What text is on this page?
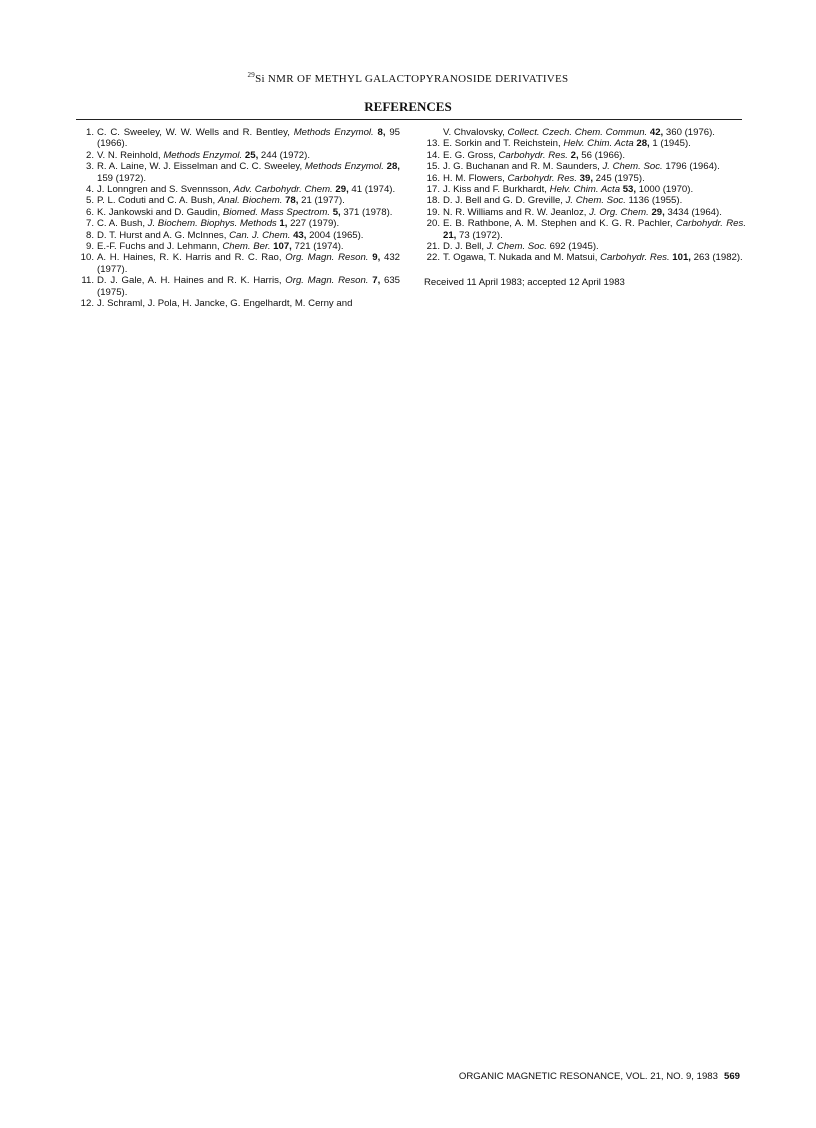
$^{29}$Si NMR OF METHYL GALACTOPYRANOSIDE DERIVATIVES
REFERENCES
1. C. C. Sweeley, W. W. Wells and R. Bentley, Methods Enzymol. 8, 95 (1966).
2. V. N. Reinhold, Methods Enzymol. 25, 244 (1972).
3. R. A. Laine, W. J. Eisselman and C. C. Sweeley, Methods Enzymol. 28, 159 (1972).
4. J. Lonngren and S. Svennsson, Adv. Carbohydr. Chem. 29, 41 (1974).
5. P. L. Coduti and C. A. Bush, Anal. Biochem. 78, 21 (1977).
6. K. Jankowski and D. Gaudin, Biomed. Mass Spectrom. 5, 371 (1978).
7. C. A. Bush, J. Biochem. Biophys. Methods 1, 227 (1979).
8. D. T. Hurst and A. G. McInnes, Can. J. Chem. 43, 2004 (1965).
9. E.-F. Fuchs and J. Lehmann, Chem. Ber. 107, 721 (1974).
10. A. H. Haines, R. K. Harris and R. C. Rao, Org. Magn. Reson. 9, 432 (1977).
11. D. J. Gale, A. H. Haines and R. K. Harris, Org. Magn. Reson. 7, 635 (1975).
12. J. Schraml, J. Pola, H. Jancke, G. Engelhardt, M. Cerny and
V. Chvalovsky, Collect. Czech. Chem. Commun. 42, 360 (1976).
13. E. Sorkin and T. Reichstein, Helv. Chim. Acta 28, 1 (1945).
14. E. G. Gross, Carbohydr. Res. 2, 56 (1966).
15. J. G. Buchanan and R. M. Saunders, J. Chem. Soc. 1796 (1964).
16. H. M. Flowers, Carbohydr. Res. 39, 245 (1975).
17. J. Kiss and F. Burkhardt, Helv. Chim. Acta 53, 1000 (1970).
18. D. J. Bell and G. D. Greville, J. Chem. Soc. 1136 (1955).
19. N. R. Williams and R. W. Jeanloz, J. Org. Chem. 29, 3434 (1964).
20. E. B. Rathbone, A. M. Stephen and K. G. R. Pachler, Carbohydr. Res. 21, 73 (1972).
21. D. J. Bell, J. Chem. Soc. 692 (1945).
22. T. Ogawa, T. Nukada and M. Matsui, Carbohydr. Res. 101, 263 (1982).
Received 11 April 1983; accepted 12 April 1983
ORGANIC MAGNETIC RESONANCE, VOL. 21, NO. 9, 1983 569
